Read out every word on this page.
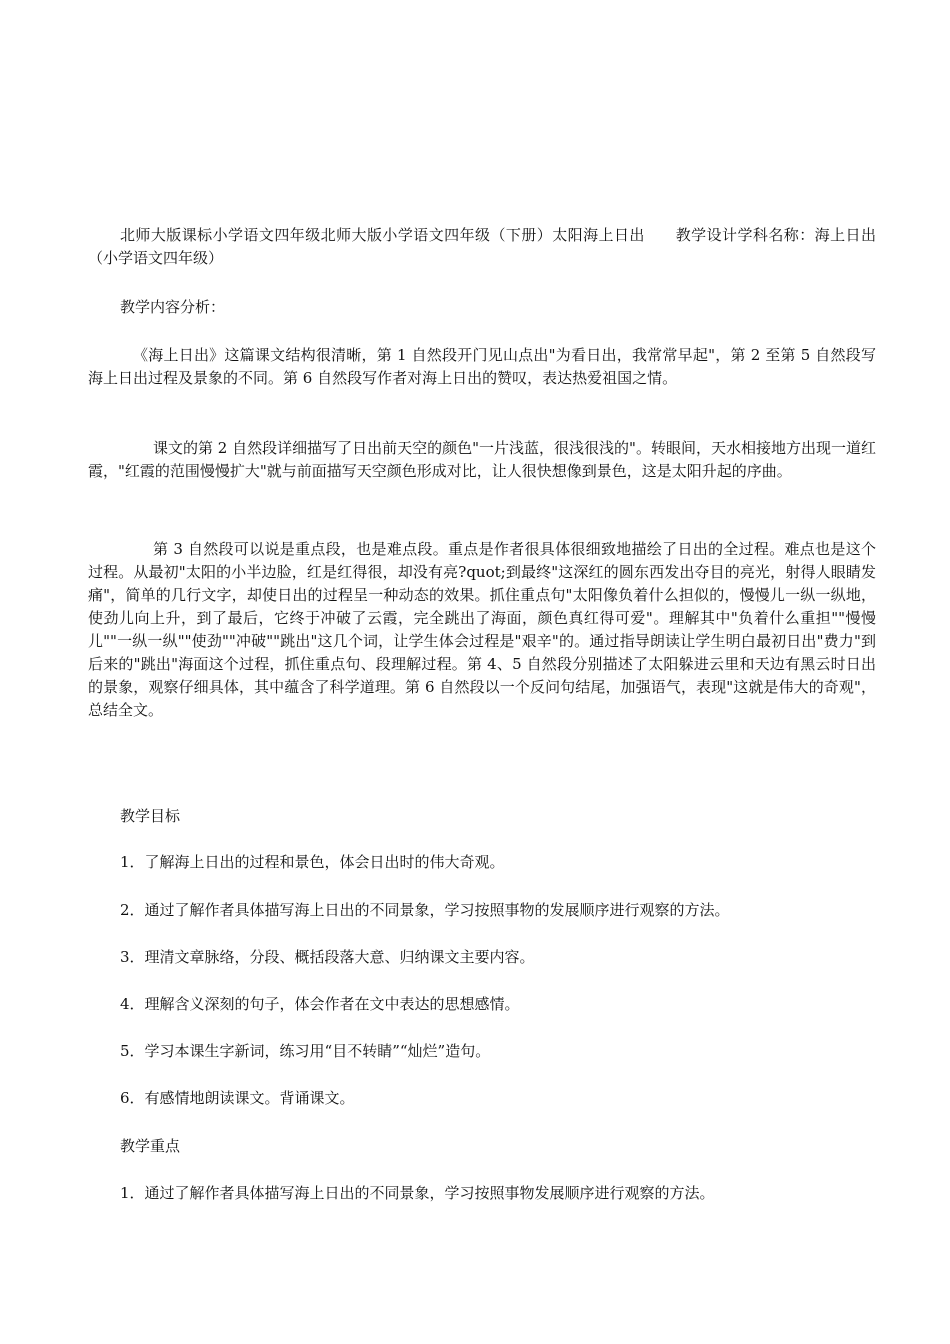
北师大版课标小学语文四年级北师大版小学语文四年级（下册）太阳海上日出　　教学设计学科名称：海上日出（小学语文四年级）

教学内容分析：

《海上日出》这篇课文结构很清晰，第 1 自然段开门见山点出"为看日出，我常常早起"，第 2 至第 5 自然段写海上日出过程及景象的不同。第 6 自然段写作者对海上日出的赞叹，表达热爱祖国之情。

课文的第 2 自然段详细描写了日出前天空的颜色"一片浅蓝，很浅很浅的"。转眼间，天水相接地方出现一道红霞，"红霞的范围慢慢扩大"就与前面描写天空颜色形成对比，让人很快想像到景色，这是太阳升起的序曲。

第 3 自然段可以说是重点段，也是难点段。重点是作者很具体很细致地描绘了日出的全过程。难点也是这个过程。从最初"太阳的小半边脸，红是红得很，却没有亮?quot;到最终"这深红的圆东西发出夺目的亮光，射得人眼睛发痛"，简单的几行文字，却使日出的过程呈一种动态的效果。抓住重点句"太阳像负着什么担似的，慢慢儿一纵一纵地，使劲儿向上升，到了最后，它终于冲破了云霞，完全跳出了海面，颜色真红得可爱"。理解其中"负着什么重担""慢慢儿""一纵一纵""使劲""冲破""跳出"这几个词，让学生体会过程是"艰辛"的。通过指导朗读让学生明白最初日出"费力"到后来的"跳出"海面这个过程，抓住重点句、段理解过程。第 4、5 自然段分别描述了太阳躲进云里和天边有黑云时日出的景象，观察仔细具体，其中蕴含了科学道理。第 6 自然段以一个反问句结尾，加强语气，表现"这就是伟大的奇观"，总结全文。

教学目标

1．了解海上日出的过程和景色，体会日出时的伟大奇观。

2．通过了解作者具体描写海上日出的不同景象，学习按照事物的发展顺序进行观察的方法。

3．理清文章脉络，分段、概括段落大意、归纳课文主要内容。

4．理解含义深刻的句子，体会作者在文中表达的思想感情。

5．学习本课生字新词，练习用“目不转睛”“灿烂”造句。

6．有感情地朗读课文。背诵课文。

教学重点

1．通过了解作者具体描写海上日出的不同景象，学习按照事物发展顺序进行观察的方法。
